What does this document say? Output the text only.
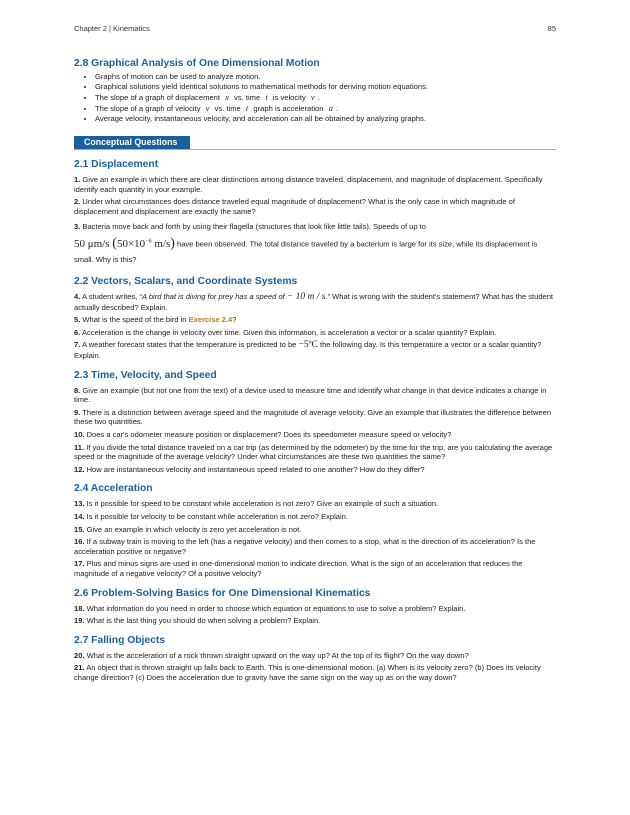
Chapter 2 | Kinematics	85
2.8 Graphical Analysis of One Dimensional Motion
• Graphs of motion can be used to analyze motion.
• Graphical solutions yield identical solutions to mathematical methods for deriving motion equations.
• The slope of a graph of displacement x vs. time t is velocity v .
• The slope of a graph of velocity v vs. time t graph is acceleration a .
• Average velocity, instantaneous velocity, and acceleration can all be obtained by analyzing graphs.
Conceptual Questions
2.1 Displacement

1. Give an example in which there are clear distinctions among distance traveled, displacement, and magnitude of displacement. Specifically identify each quantity in your example.

2. Under what circumstances does distance traveled equal magnitude of displacement? What is the only case in which magnitude of displacement and displacement are exactly the same?

3. Bacteria move back and forth by using their flagella (structures that look like little tails). Speeds of up to
50 μm/s ($50\times 10^{-6}$ m/s) have been observed. The total distance traveled by a bacterium is large for its size, while its displacement is small. Why is this?

2.2 Vectors, Scalars, and Coordinate Systems

4. A student writes, “A bird that is diving for prey has a speed of − 10 m / s.” What is wrong with the student's statement? What has the student actually described? Explain.

5. What is the speed of the bird in Exercise 2.4?

6. Acceleration is the change in velocity over time. Given this information, is acceleration a vector or a scalar quantity? Explain.

7. A weather forecast states that the temperature is predicted to be −5ºC the following day. Is this temperature a vector or a scalar quantity? Explain.

2.3 Time, Velocity, and Speed

8. Give an example (but not one from the text) of a device used to measure time and identify what change in that device indicates a change in time.

9. There is a distinction between average speed and the magnitude of average velocity. Give an example that illustrates the difference between these two quantities.

10. Does a car's odometer measure position or displacement? Does its speedometer measure speed or velocity?

11. If you divide the total distance traveled on a car trip (as determined by the odometer) by the time for the trip, are you calculating the average speed or the magnitude of the average velocity? Under what circumstances are these two quantities the same?

12. How are instantaneous velocity and instantaneous speed related to one another? How do they differ?

2.4 Acceleration

13. Is it possible for speed to be constant while acceleration is not zero? Give an example of such a situation.

14. Is it possible for velocity to be constant while acceleration is not zero? Explain.

15. Give an example in which velocity is zero yet acceleration is not.

16. If a subway train is moving to the left (has a negative velocity) and then comes to a stop, what is the direction of its acceleration? Is the acceleration positive or negative?

17. Plus and minus signs are used in one-dimensional motion to indicate direction. What is the sign of an acceleration that reduces the magnitude of a negative velocity? Of a positive velocity?

2.6 Problem-Solving Basics for One Dimensional Kinematics

18. What information do you need in order to choose which equation or equations to use to solve a problem? Explain.

19. What is the last thing you should do when solving a problem? Explain.

2.7 Falling Objects

20. What is the acceleration of a rock thrown straight upward on the way up? At the top of its flight? On the way down?

21. An object that is thrown straight up falls back to Earth. This is one-dimensional motion. (a) When is its velocity zero? (b) Does its velocity change direction? (c) Does the acceleration due to gravity have the same sign on the way up as on the way down?
